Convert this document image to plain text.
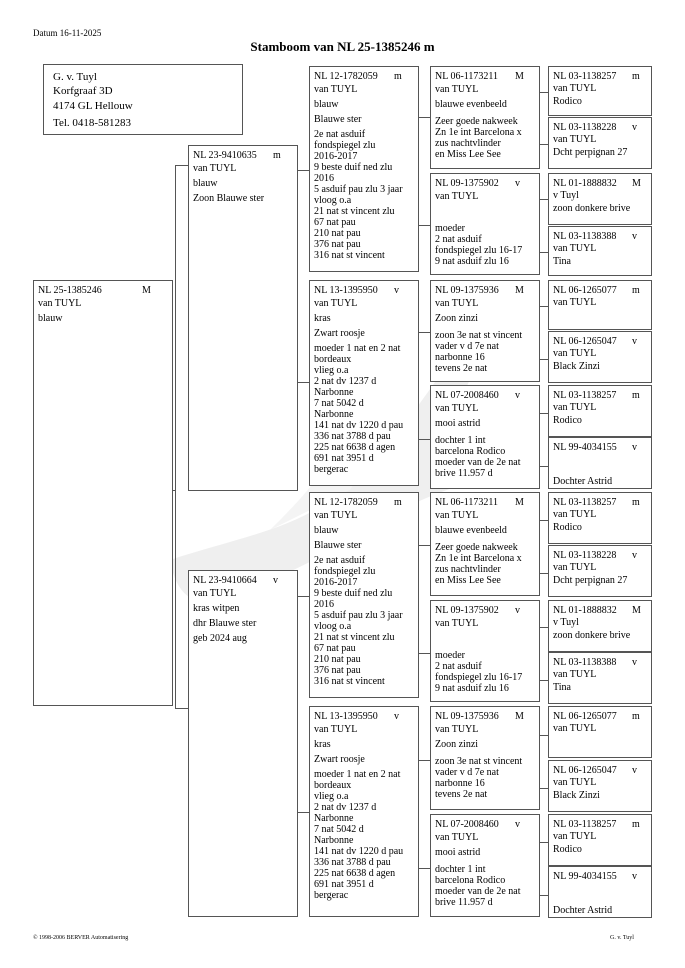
Datum 16-11-2025
Stamboom van NL 25-1385246 m
G. v. Tuyl
Korfgraaf 3D
4174 GL Hellouw
Tel. 0418-581283
NL 25-1385246	M
van TUYL
blauw
NL 23-9410635 m
van TUYL
blauw
Zoon Blauwe ster
NL 23-9410664 v
van TUYL
kras witpen
dhr Blauwe ster
geb 2024 aug
NL 12-1782059 m
van TUYL
blauw
Blauwe ster
2e nat asduif
fondspiegel zlu
2016-2017
9 beste duif ned zlu
2016
5 asduif pau zlu 3 jaar
vloog o.a
21 nat st vincent zlu
67 nat pau
210 nat pau
376 nat pau
316 nat st vincent
NL 13-1395950 v
van TUYL
kras
Zwart roosje
moeder 1 nat en 2 nat
bordeaux
vlieg o.a
2 nat dv 1237 d
Narbonne
7 nat 5042 d
Narbonne
141 nat dv 1220 d pau
336 nat 3788 d pau
225 nat 6638 d agen
691 nat 3951 d
bergerac
NL 12-1782059 m
van TUYL
blauw
Blauwe ster
2e nat asduif
fondspiegel zlu
2016-2017
9 beste duif ned zlu
2016
5 asduif pau zlu 3 jaar
vloog o.a
21 nat st vincent zlu
67 nat pau
210 nat pau
376 nat pau
316 nat st vincent
NL 13-1395950 v
van TUYL
kras
Zwart roosje
moeder 1 nat en 2 nat
bordeaux
vlieg o.a
2 nat dv 1237 d
Narbonne
7 nat 5042 d
Narbonne
141 nat dv 1220 d pau
336 nat 3788 d pau
225 nat 6638 d agen
691 nat 3951 d
bergerac
NL 06-1173211 M
van TUYL
blauwe evenbeeld
Zeer goede nakweek
Zn 1e int Barcelona x
zus nachtvlinder
en Miss Lee See
NL 09-1375902 v
van TUYL
moeder
2 nat asduif
fondspiegel zlu 16-17
9 nat asduif zlu 16
NL 09-1375936 M
van TUYL
Zoon zinzi
zoon 3e nat st vincent
vader v d 7e nat
narbonne 16
tevens 2e nat
NL 07-2008460 v
van TUYL
mooi astrid
dochter 1 int
barcelona Rodico
moeder van de 2e nat
brive 11.957 d
NL 06-1173211 M
van TUYL
blauwe evenbeeld
Zeer goede nakweek
Zn 1e int Barcelona x
zus nachtvlinder
en Miss Lee See
NL 09-1375902 v
van TUYL
moeder
2 nat asduif
fondspiegel zlu 16-17
9 nat asduif zlu 16
NL 09-1375936 M
van TUYL
Zoon zinzi
zoon 3e nat st vincent
vader v d 7e nat
narbonne 16
tevens 2e nat
NL 07-2008460 v
van TUYL
mooi astrid
dochter 1 int
barcelona Rodico
moeder van de 2e nat
brive 11.957 d
NL 03-1138257 m
van TUYL
Rodico
NL 03-1138228 v
van TUYL
Dcht perpignan 27
NL 01-1888832 M
v Tuyl
zoon donkere brive
NL 03-1138388 v
van TUYL
Tina
NL 06-1265077 m
van TUYL
NL 06-1265047 v
van TUYL
Black Zinzi
NL 03-1138257 m
van TUYL
Rodico
NL 99-4034155 v
Dochter Astrid
NL 03-1138257 m
van TUYL
Rodico
NL 03-1138228 v
van TUYL
Dcht perpignan 27
NL 01-1888832 M
v Tuyl
zoon donkere brive
NL 03-1138388 v
van TUYL
Tina
NL 06-1265077 m
van TUYL
NL 06-1265047 v
van TUYL
Black Zinzi
NL 03-1138257 m
van TUYL
Rodico
NL 99-4034155 v
Dochter Astrid
© 1998-2006 BERVER Automatisering	G. v. Tuyl
